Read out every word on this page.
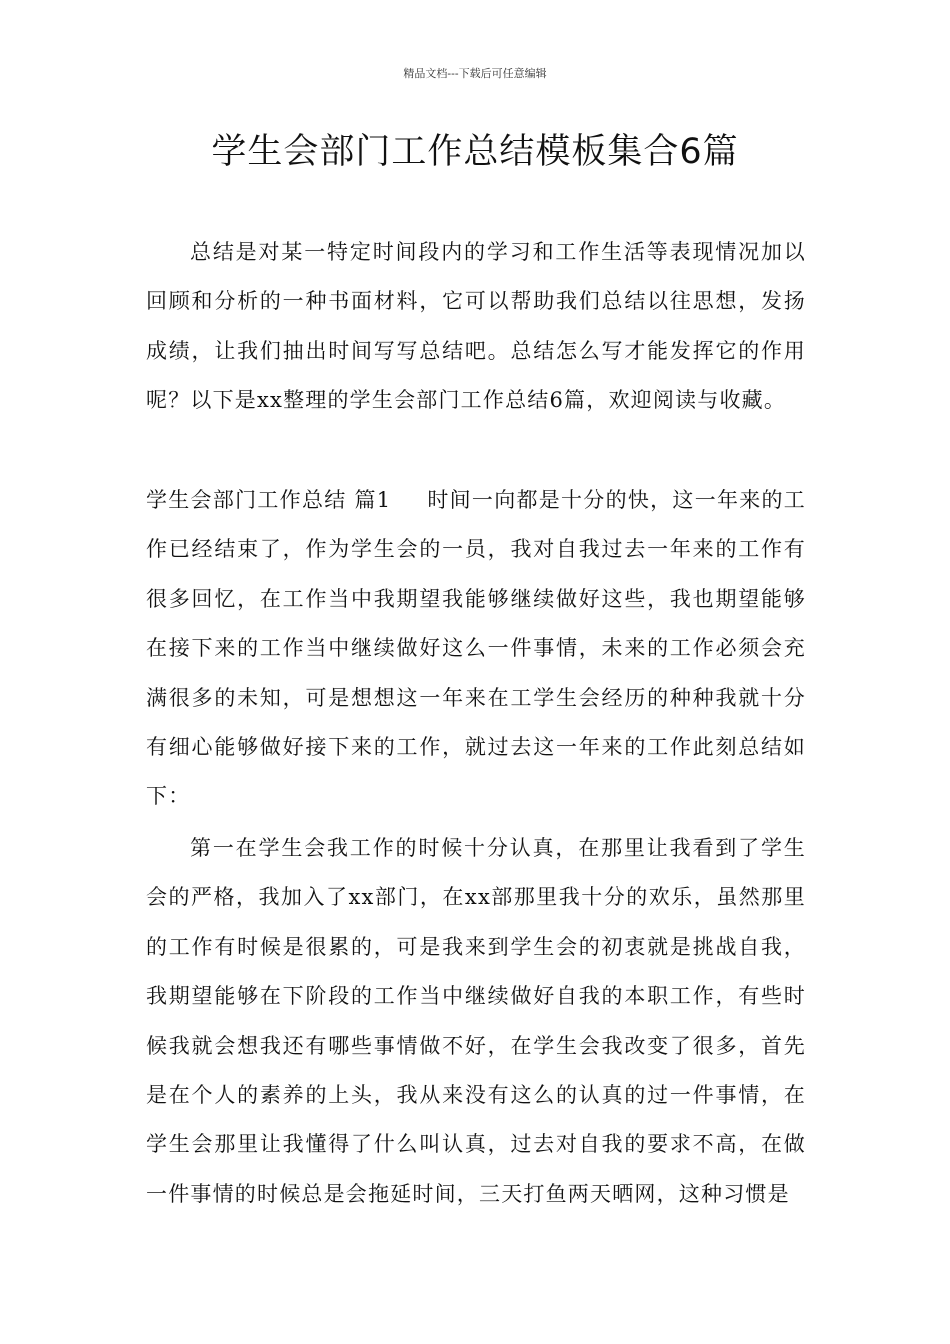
精品文档---下载后可任意编辑
学生会部门工作总结模板集合6篇

总结是对某一特定时间段内的学习和工作生活等表现情况加以回顾和分析的一种书面材料，它可以帮助我们总结以往思想，发扬成绩，让我们抽出时间写写总结吧。总结怎么写才能发挥它的作用呢？以下是xx整理的学生会部门工作总结6篇，欢迎阅读与收藏。

学生会部门工作总结 篇1 时间一向都是十分的快，这一年来的工作已经结束了，作为学生会的一员，我对自我过去一年来的工作有很多回忆，在工作当中我期望我能够继续做好这些，我也期望能够在接下来的工作当中继续做好这么一件事情，未来的工作必须会充满很多的未知，可是想想这一年来在工学生会经历的种种我就十分有细心能够做好接下来的工作，就过去这一年来的工作此刻总结如下：

第一在学生会我工作的时候十分认真，在那里让我看到了学生会的严格，我加入了xx部门，在xx部那里我十分的欢乐，虽然那里的工作有时候是很累的，可是我来到学生会的初衷就是挑战自我，我期望能够在下阶段的工作当中继续做好自我的本职工作，有些时候我就会想我还有哪些事情做不好，在学生会我改变了很多，首先是在个人的素养的上头，我从来没有这么的认真的过一件事情，在学生会那里让我懂得了什么叫认真，过去对自我的要求不高，在做一件事情的时候总是会拖延时间，三天打鱼两天晒网，这种习惯是
